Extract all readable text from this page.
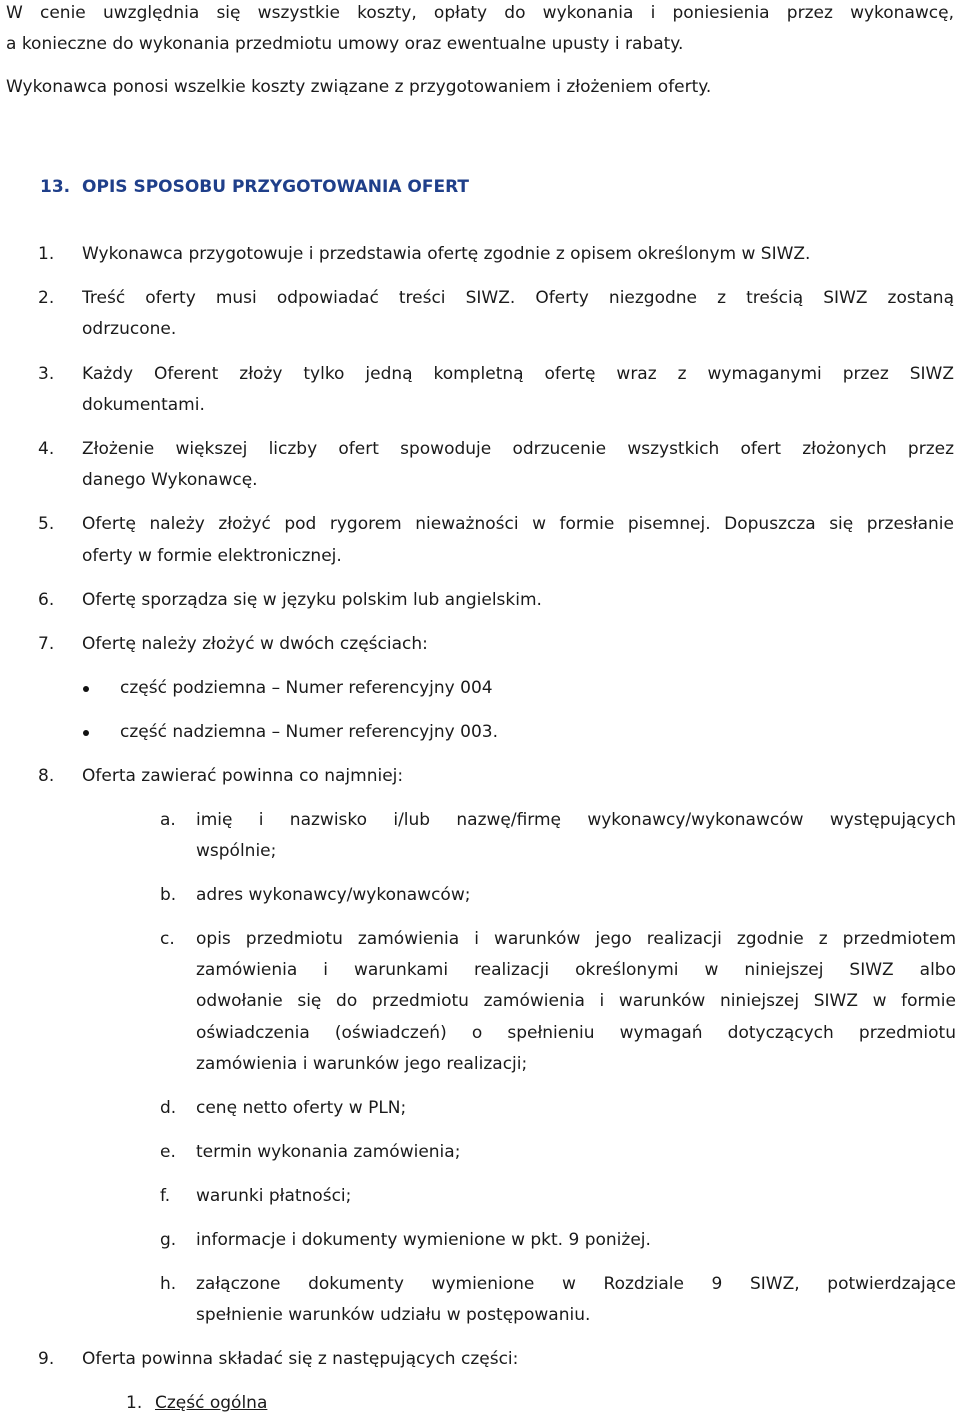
W cenie uwzględnia się wszystkie koszty, opłaty do wykonania i poniesienia przez wykonawcę,
a konieczne do wykonania przedmiotu umowy oraz ewentualne upusty i rabaty.
Wykonawca ponosi wszelkie koszty związane z przygotowaniem i złożeniem oferty.
13. OPIS SPOSOBU PRZYGOTOWANIA OFERT
1. Wykonawca przygotowuje i przedstawia ofertę zgodnie z opisem określonym w SIWZ.
2. Treść oferty musi odpowiadać treści SIWZ. Oferty niezgodne z treścią SIWZ zostaną
odrzucone.
3. Każdy Oferent złoży tylko jedną kompletną ofertę wraz z wymaganymi przez SIWZ
dokumentami.
4. Złożenie większej liczby ofert spowoduje odrzucenie wszystkich ofert złożonych przez
danego Wykonawcę.
5. Ofertę należy złożyć pod rygorem nieważności w formie pisemnej. Dopuszcza się przesłanie
oferty w formie elektronicznej.
6. Ofertę sporządza się w języku polskim lub angielskim.
7. Ofertę należy złożyć w dwóch częściach:
część podziemna – Numer referencyjny 004
część nadziemna – Numer referencyjny 003.
8. Oferta zawierać powinna co najmniej:
a. imię i nazwisko i/lub nazwę/firmę wykonawcy/wykonawców występujących
wspólnie;
b. adres wykonawcy/wykonawców;
c. opis przedmiotu zamówienia i warunków jego realizacji zgodnie z przedmiotem
zamówienia i warunkami realizacji określonymi w niniejszej SIWZ albo
odwołanie się do przedmiotu zamówienia i warunków niniejszej SIWZ w formie
oświadczenia (oświadczeń) o spełnieniu wymagań dotyczących przedmiotu
zamówienia i warunków jego realizacji;
d. cenę netto oferty w PLN;
e. termin wykonania zamówienia;
f. warunki płatności;
g. informacje i dokumenty wymienione w pkt. 9 poniżej.
h. załączone dokumenty wymienione w Rozdziale 9 SIWZ, potwierdzające
spełnienie warunków udziału w postępowaniu.
9. Oferta powinna składać się z następujących części:
1. Część ogólna
